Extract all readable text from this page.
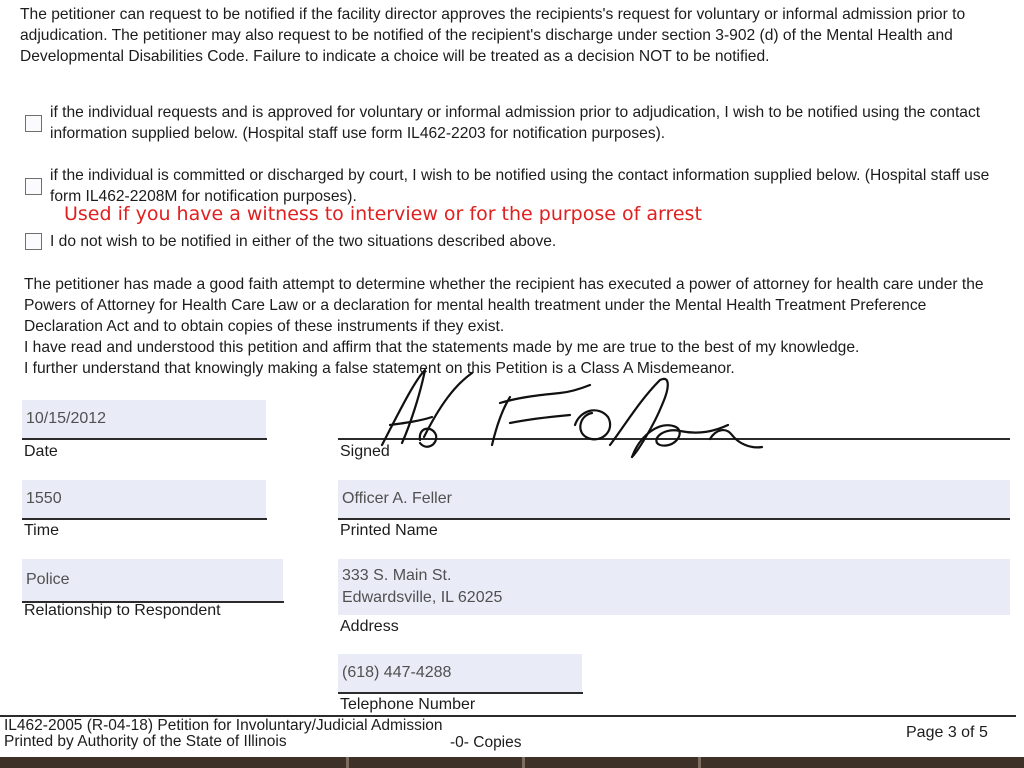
The petitioner can request to be notified if the facility director approves the recipients's request for voluntary or informal admission prior to adjudication. The petitioner may also request to be notified of the recipient's discharge under section 3-902 (d) of the Mental Health and Developmental Disabilities Code. Failure to indicate a choice will be treated as a decision NOT to be notified.
if the individual requests and is approved for voluntary or informal admission prior to adjudication, I wish to be notified using the contact information supplied below. (Hospital staff use form IL462-2203 for notification purposes).
if the individual is committed or discharged by court, I wish to be notified using the contact information supplied below. (Hospital staff use form IL462-2208M for notification purposes).
Used if you have a witness to interview or for the purpose of arrest
I do not wish to be notified in either of the two situations described above.
The petitioner has made a good faith attempt to determine whether the recipient has executed a power of attorney for health care under the Powers of Attorney for Health Care Law or a declaration for mental health treatment under the Mental Health Treatment Preference Declaration Act and to obtain copies of these instruments if they exist.
I have read and understood this petition and affirm that the statements made by me are true to the best of my knowledge.
I further understand that knowingly making a false statement on this Petition is a Class A Misdemeanor.
10/15/2012
Date	Signed
1550
Time
Officer A. Feller
Printed Name
Police
Relationship to Respondent
333 S. Main St.
Edwardsville, IL 62025
Address
(618) 447-4288
Telephone Number
IL462-2005 (R-04-18) Petition for Involuntary/Judicial Admission
Printed by Authority of the State of Illinois	-0- Copies
Page 3 of 5
